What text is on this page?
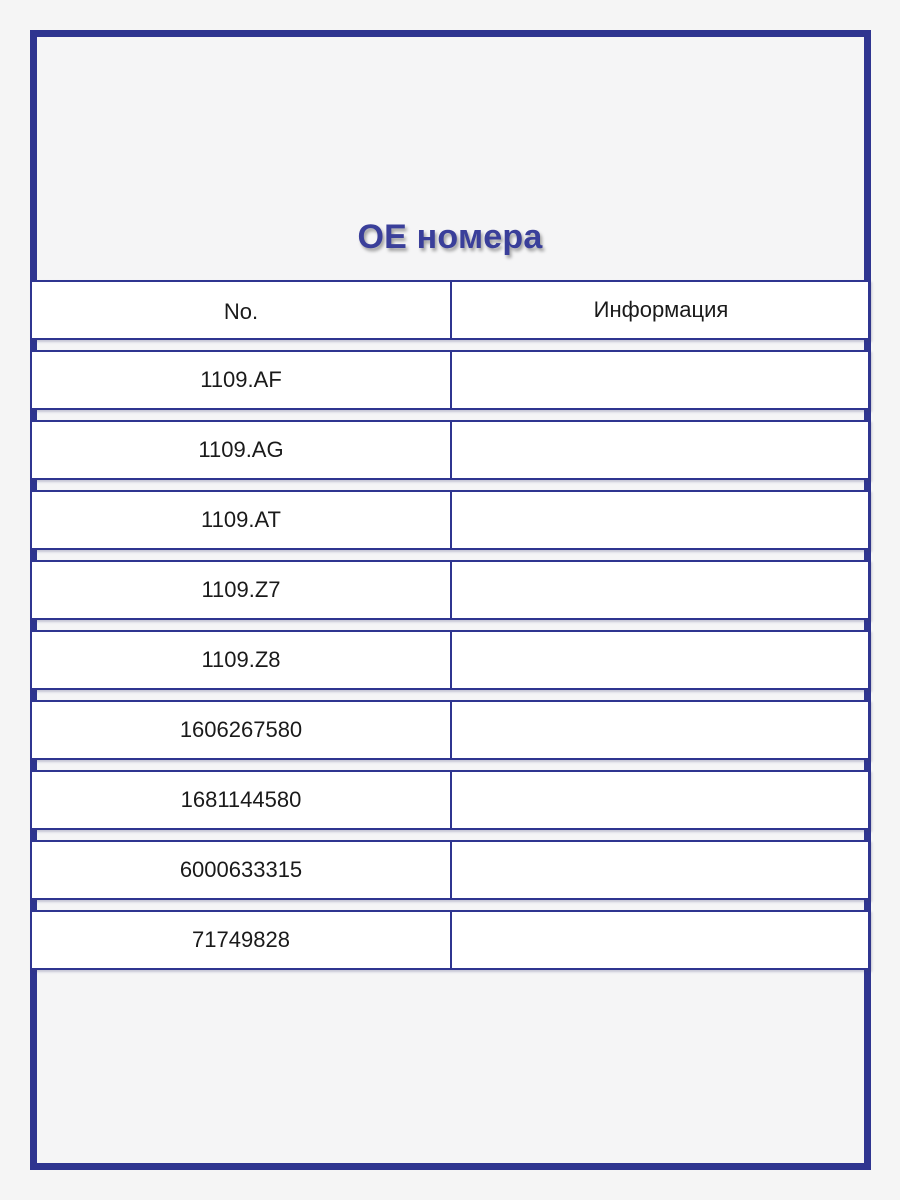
OE номера
No.	Информация
1109.AF
1109.AG
1109.AT
1109.Z7
1109.Z8
1606267580
1681144580
6000633315
71749828
